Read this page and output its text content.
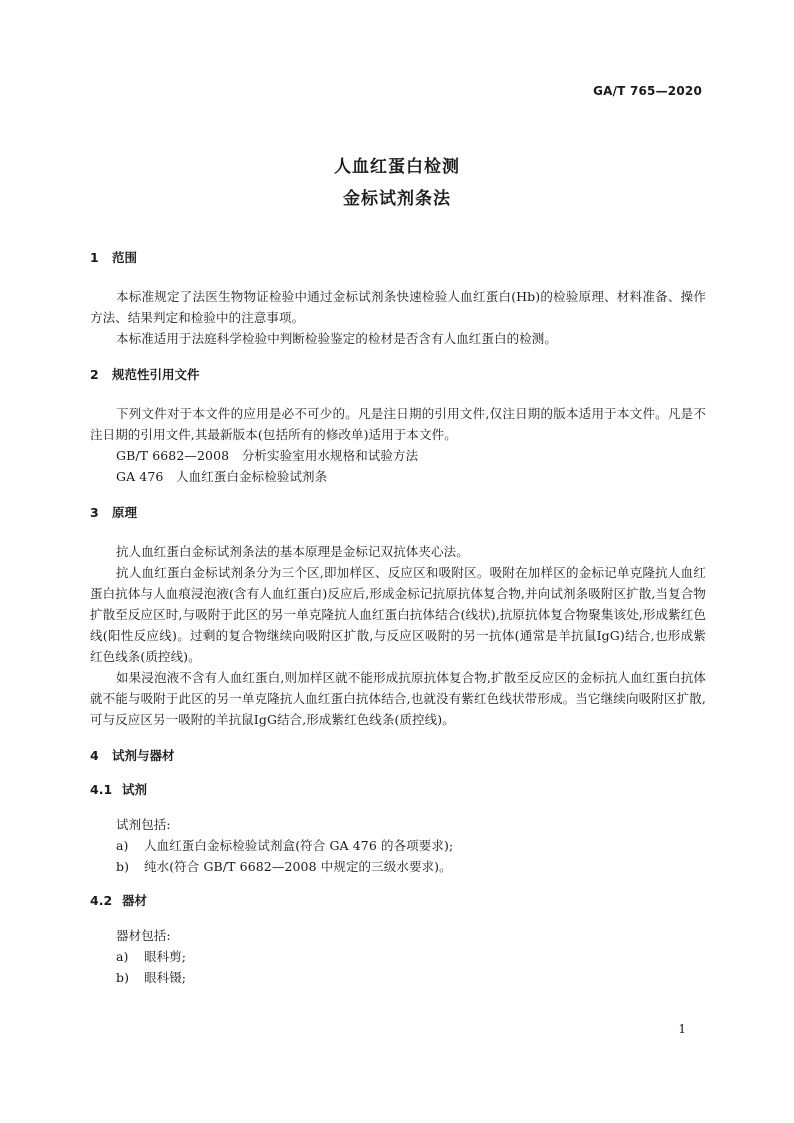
GA/T 765—2020
人血红蛋白检测
金标试剂条法
1 范围

本标准规定了法医生物物证检验中通过金标试剂条快速检验人血红蛋白(Hb)的检验原理、材料准备、操作方法、结果判定和检验中的注意事项。

本标准适用于法庭科学检验中判断检验鉴定的检材是否含有人血红蛋白的检测。

2 规范性引用文件

下列文件对于本文件的应用是必不可少的。凡是注日期的引用文件,仅注日期的版本适用于本文件。凡是不注日期的引用文件,其最新版本(包括所有的修改单)适用于本文件。

GB/T 6682—2008　分析实验室用水规格和试验方法

GA 476　人血红蛋白金标检验试剂条

3 原理

抗人血红蛋白金标试剂条法的基本原理是金标记双抗体夹心法。

抗人血红蛋白金标试剂条分为三个区,即加样区、反应区和吸附区。吸附在加样区的金标记单克隆抗人血红蛋白抗体与人血痕浸泡液(含有人血红蛋白)反应后,形成金标记抗原抗体复合物,并向试剂条吸附区扩散,当复合物扩散至反应区时,与吸附于此区的另一单克隆抗人血红蛋白抗体结合(线状),抗原抗体复合物聚集该处,形成紫红色线(阳性反应线)。过剩的复合物继续向吸附区扩散,与反应区吸附的另一抗体(通常是羊抗鼠IgG)结合,也形成紫红色线条(质控线)。

如果浸泡液不含有人血红蛋白,则加样区就不能形成抗原抗体复合物,扩散至反应区的金标抗人血红蛋白抗体就不能与吸附于此区的另一单克隆抗人血红蛋白抗体结合,也就没有紫红色线状带形成。当它继续向吸附区扩散,可与反应区另一吸附的羊抗鼠IgG结合,形成紫红色线条(质控线)。

4 试剂与器材
4.1 试剂

试剂包括:

a) 人血红蛋白金标检验试剂盒(符合 GA 476 的各项要求);

b) 纯水(符合 GB/T 6682—2008 中规定的三级水要求)。

4.2 器材

器材包括:

a) 眼科剪;

b) 眼科镊;

1
